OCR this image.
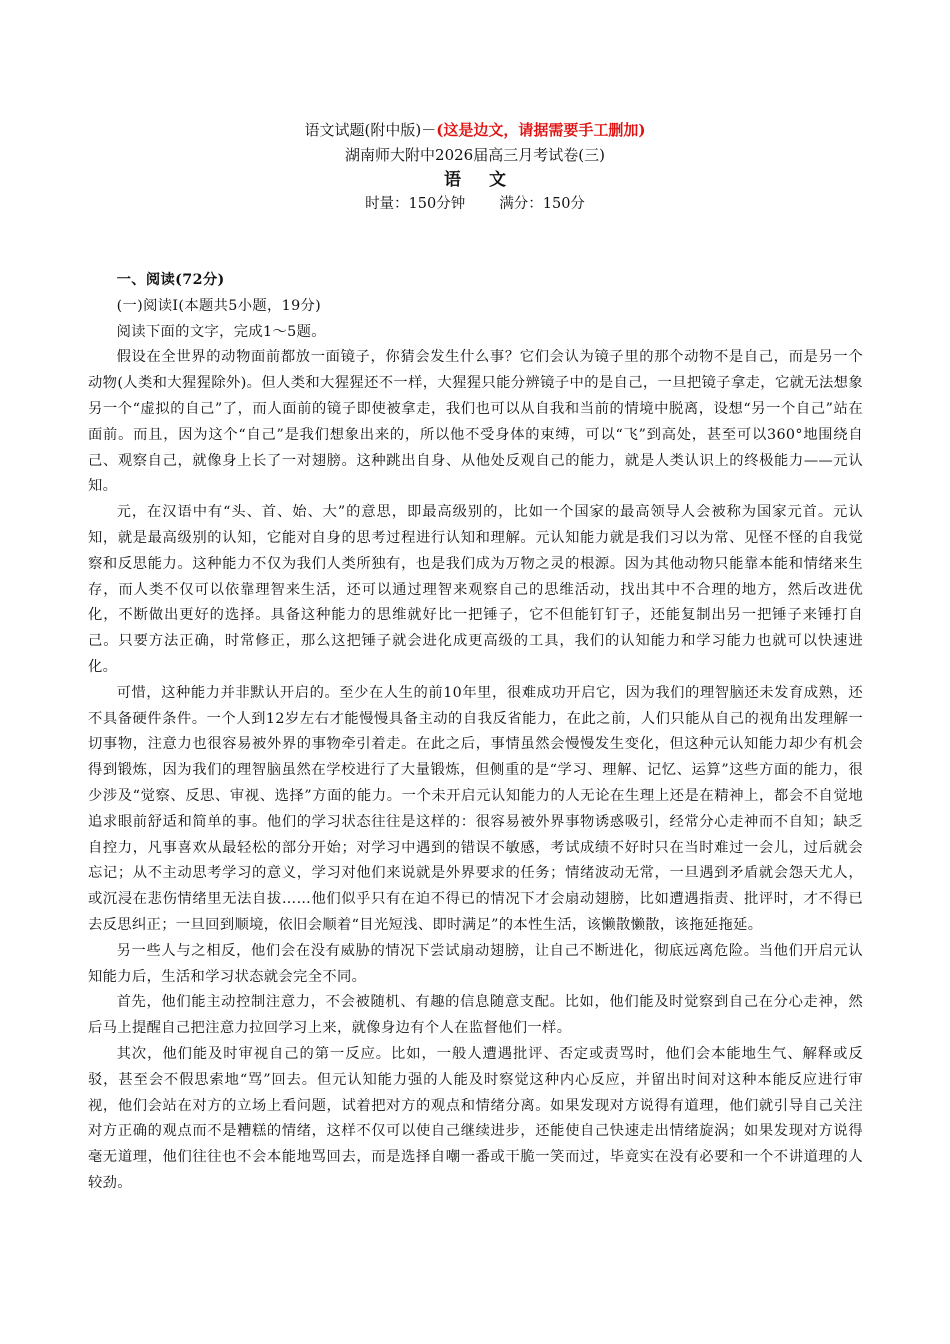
语文试题(附中版)－(这是边文，请据需要手工删加)
湖南师大附中2026届高三月考试卷(三)
语 文
时量：150分钟 满分：150分

一、阅读(72分)

(一)阅读Ⅰ(本题共5小题，19分)

阅读下面的文字，完成1～5题。

假设在全世界的动物面前都放一面镜子，你猜会发生什么事？它们会认为镜子里的那个动物不是自己，而是另一个动物(人类和大猩猩除外)。但人类和大猩猩还不一样，大猩猩只能分辨镜子中的是自己，一旦把镜子拿走，它就无法想象另一个“虚拟的自己”了，而人面前的镜子即使被拿走，我们也可以从自我和当前的情境中脱离，设想“另一个自己”站在面前。而且，因为这个“自己”是我们想象出来的，所以他不受身体的束缚，可以“飞”到高处，甚至可以360°地围绕自己、观察自己，就像身上长了一对翅膀。这种跳出自身、从他处反观自己的能力，就是人类认识上的终极能力——元认知。

元，在汉语中有“头、首、始、大”的意思，即最高级别的，比如一个国家的最高领导人会被称为国家元首。元认知，就是最高级别的认知，它能对自身的思考过程进行认知和理解。元认知能力就是我们习以为常、见怪不怪的自我觉察和反思能力。这种能力不仅为我们人类所独有，也是我们成为万物之灵的根源。因为其他动物只能靠本能和情绪来生存，而人类不仅可以依靠理智来生活，还可以通过理智来观察自己的思维活动，找出其中不合理的地方，然后改进优化，不断做出更好的选择。具备这种能力的思维就好比一把锤子，它不但能钉钉子，还能复制出另一把锤子来锤打自己。只要方法正确，时常修正，那么这把锤子就会进化成更高级的工具，我们的认知能力和学习能力也就可以快速进化。

可惜，这种能力并非默认开启的。至少在人生的前10年里，很难成功开启它，因为我们的理智脑还未发育成熟，还不具备硬件条件。一个人到12岁左右才能慢慢具备主动的自我反省能力，在此之前，人们只能从自己的视角出发理解一切事物，注意力也很容易被外界的事物牵引着走。在此之后，事情虽然会慢慢发生变化，但这种元认知能力却少有机会得到锻炼，因为我们的理智脑虽然在学校进行了大量锻炼，但侧重的是“学习、理解、记忆、运算”这些方面的能力，很少涉及“觉察、反思、审视、选择”方面的能力。一个未开启元认知能力的人无论在生理上还是在精神上，都会不自觉地追求眼前舒适和简单的事。他们的学习状态往往是这样的：很容易被外界事物诱惑吸引，经常分心走神而不自知；缺乏自控力，凡事喜欢从最轻松的部分开始；对学习中遇到的错误不敏感，考试成绩不好时只在当时难过一会儿，过后就会忘记；从不主动思考学习的意义，学习对他们来说就是外界要求的任务；情绪波动无常，一旦遇到矛盾就会怨天尤人，或沉浸在悲伤情绪里无法自拔……他们似乎只有在迫不得已的情况下才会扇动翅膀，比如遭遇指责、批评时，才不得已去反思纠正；一旦回到顺境，依旧会顺着“目光短浅、即时满足”的本性生活，该懒散懒散，该拖延拖延。

另一些人与之相反，他们会在没有威胁的情况下尝试扇动翅膀，让自己不断进化，彻底远离危险。当他们开启元认知能力后，生活和学习状态就会完全不同。

首先，他们能主动控制注意力，不会被随机、有趣的信息随意支配。比如，他们能及时觉察到自己在分心走神，然后马上提醒自己把注意力拉回学习上来，就像身边有个人在监督他们一样。

其次，他们能及时审视自己的第一反应。比如，一般人遭遇批评、否定或责骂时，他们会本能地生气、解释或反驳，甚至会不假思索地“骂”回去。但元认知能力强的人能及时察觉这种内心反应，并留出时间对这种本能反应进行审视，他们会站在对方的立场上看问题，试着把对方的观点和情绪分离。如果发现对方说得有道理，他们就引导自己关注对方正确的观点而不是糟糕的情绪，这样不仅可以使自己继续进步，还能使自己快速走出情绪旋涡；如果发现对方说得毫无道理，他们往往也不会本能地骂回去，而是选择自嘲一番或干脆一笑而过，毕竟实在没有必要和一个不讲道理的人较劲。
